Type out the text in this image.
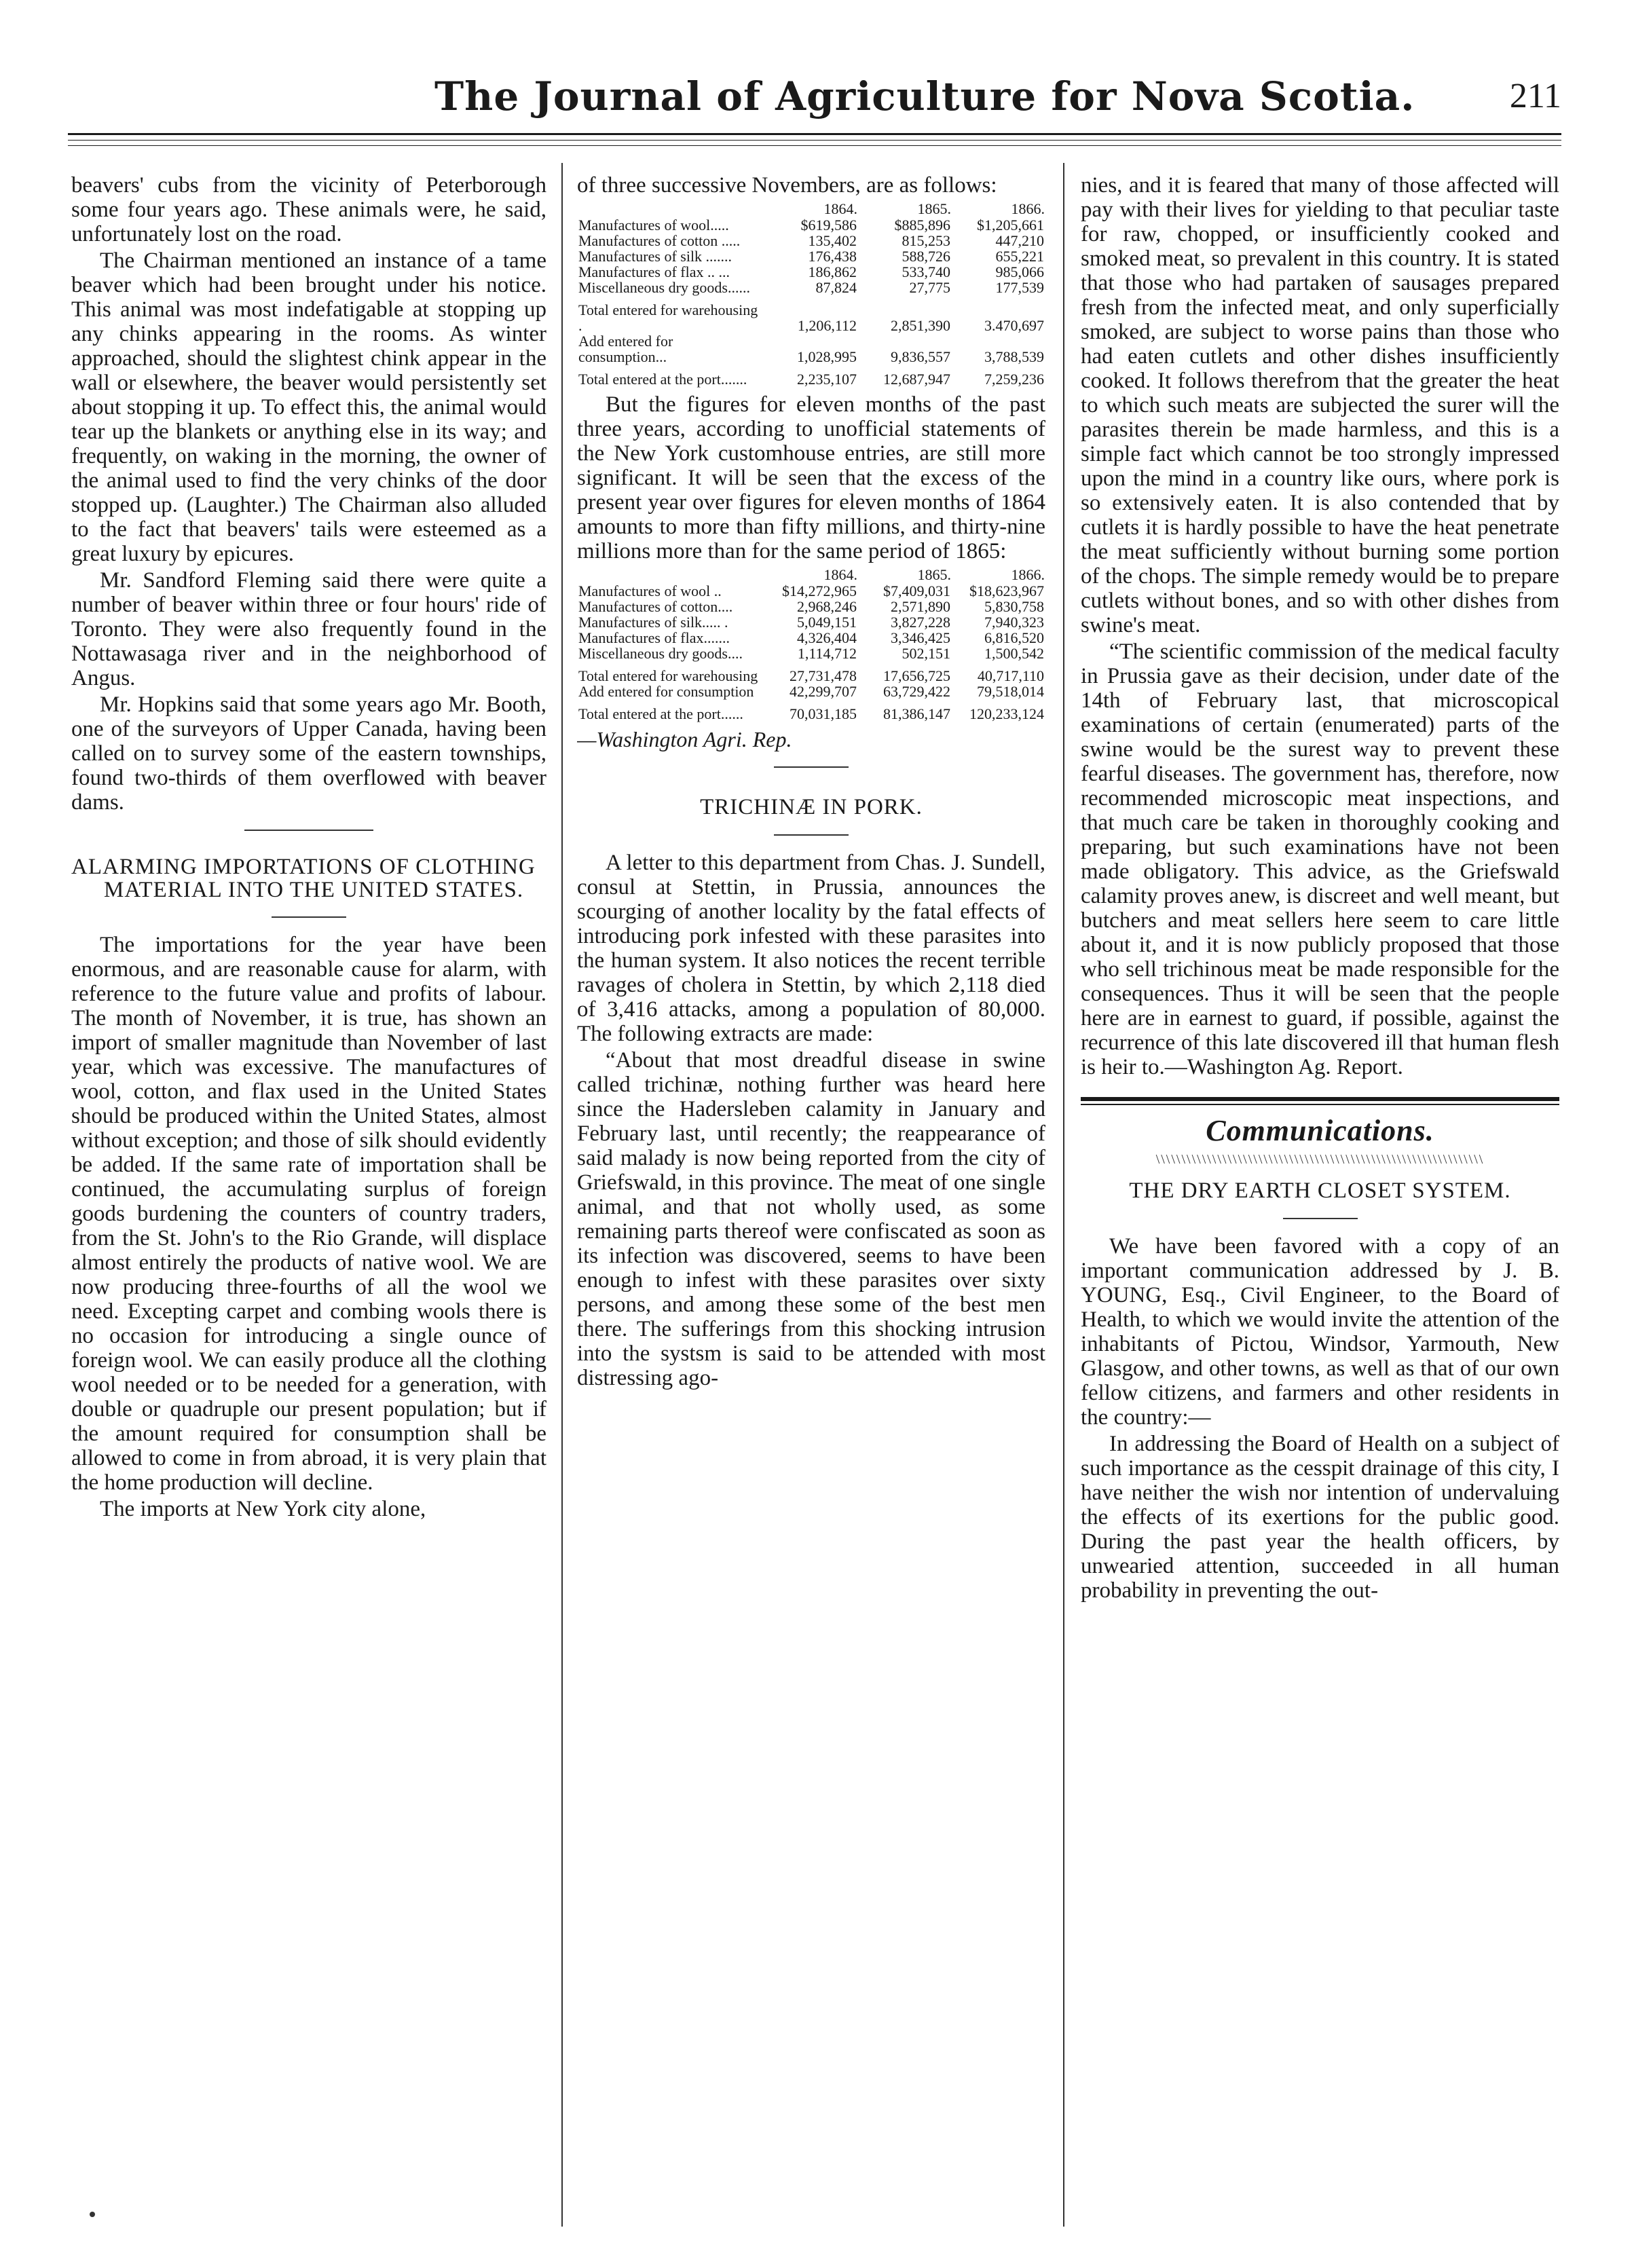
The Journal of Agriculture for Nova Scotia.	211

beavers' cubs from the vicinity of Peterborough some four years ago. These animals were, he said, unfortunately lost on the road.

The Chairman mentioned an instance of a tame beaver which had been brought under his notice. This animal was most indefatigable at stopping up any chinks appearing in the rooms. As winter approached, should the slightest chink appear in the wall or elsewhere, the beaver would persistently set about stopping it up. To effect this, the animal would tear up the blankets or anything else in its way; and frequently, on waking in the morning, the owner of the animal used to find the very chinks of the door stopped up. (Laughter.) The Chairman also alluded to the fact that beavers' tails were esteemed as a great luxury by epicures.

Mr. Sandford Fleming said there were quite a number of beaver within three or four hours' ride of Toronto. They were also frequently found in the Nottawasaga river and in the neighborhood of Angus.

Mr. Hopkins said that some years ago Mr. Booth, one of the surveyors of Upper Canada, having been called on to survey some of the eastern townships, found two-thirds of them overflowed with beaver dams.

ALARMING IMPORTATIONS OF CLOTHING MATERIAL INTO THE UNITED STATES.

The importations for the year have been enormous, and are reasonable cause for alarm, with reference to the future value and profits of labour. The month of November, it is true, has shown an import of smaller magnitude than November of last year, which was excessive. The manufactures of wool, cotton, and flax used in the United States should be produced within the United States, almost without exception; and those of silk should evidently be added. If the same rate of importation shall be continued, the accumulating surplus of foreign goods burdening the counters of country traders, from the St. John's to the Rio Grande, will displace almost entirely the products of native wool. We are now producing three-fourths of all the wool we need. Excepting carpet and combing wools there is no occasion for introducing a single ounce of foreign wool. We can easily produce all the clothing wool needed or to be needed for a generation, with double or quadruple our present population; but if the amount required for consumption shall be allowed to come in from abroad, it is very plain that the home production will decline.

The imports at New York city alone,

of three successive Novembers, are as follows:

	1864.	1865.	1866.
Manufactures of wool.....	$619,586	$885,896	$1,205,661
Manufactures of cotton .....	135,402	815,253	447,210
Manufactures of silk .......	176,438	588,726	655,221
Manufactures of flax .. ...	186,862	533,740	985,066
Miscellaneous dry goods......	87,824	27,775	177,539
Total entered for warehousing .	1,206,112	2,851,390	3.470,697
Add entered for consumption...	1,028,995	9,836,557	3,788,539
Total entered at the port.......	2,235,107	12,687,947	7,259,236

But the figures for eleven months of the past three years, according to unofficial statements of the New York customhouse entries, are still more significant. It will be seen that the excess of the present year over figures for eleven months of 1864 amounts to more than fifty millions, and thirty-nine millions more than for the same period of 1865:

	1864.	1865.	1866.
Manufactures of wool ..	$14,272,965	$7,409,031	$18,623,967
Manufactures of cotton....	2,968,246	2,571,890	5,830,758
Manufactures of silk..... .	5,049,151	3,827,228	7,940,323
Manufactures of flax.......	4,326,404	3,346,425	6,816,520
Miscellaneous dry goods....	1,114,712	502,151	1,500,542
Total entered for warehousing	27,731,478	17,656,725	40,717,110
Add entered for consumption	42,299,707	63,729,422	79,518,014
Total entered at the port......	70,031,185	81,386,147	120,233,124
—Washington Agri. Rep.
TRICHINÆ IN PORK.

A letter to this department from Chas. J. Sundell, consul at Stettin, in Prussia, announces the scourging of another locality by the fatal effects of introducing pork infested with these parasites into the human system. It also notices the recent terrible ravages of cholera in Stettin, by which 2,118 died of 3,416 attacks, among a population of 80,000. The following extracts are made:

“About that most dreadful disease in swine called trichinæ, nothing further was heard here since the Hadersleben calamity in January and February last, until recently; the reappearance of said malady is now being reported from the city of Griefswald, in this province. The meat of one single animal, and that not wholly used, as some remaining parts thereof were confiscated as soon as its infection was discovered, seems to have been enough to infest with these parasites over sixty persons, and among these some of the best men there. The sufferings from this shocking intrusion into the systsm is said to be attended with most distressing ago-

nies, and it is feared that many of those affected will pay with their lives for yielding to that peculiar taste for raw, chopped, or insufficiently cooked and smoked meat, so prevalent in this country. It is stated that those who had partaken of sausages prepared fresh from the infected meat, and only superficially smoked, are subject to worse pains than those who had eaten cutlets and other dishes insufficiently cooked. It follows therefrom that the greater the heat to which such meats are subjected the surer will the parasites therein be made harmless, and this is a simple fact which cannot be too strongly impressed upon the mind in a country like ours, where pork is so extensively eaten. It is also contended that by cutlets it is hardly possible to have the heat penetrate the meat sufficiently without burning some portion of the chops. The simple remedy would be to prepare cutlets without bones, and so with other dishes from swine's meat.

“The scientific commission of the medical faculty in Prussia gave as their decision, under date of the 14th of February last, that microscopical examinations of certain (enumerated) parts of the swine would be the surest way to prevent these fearful diseases. The government has, therefore, now recommended microscopic meat inspections, and that much care be taken in thoroughly cooking and preparing, but such examinations have not been made obligatory. This advice, as the Griefswald calamity proves anew, is discreet and well meant, but butchers and meat sellers here seem to care little about it, and it is now publicly proposed that those who sell trichinous meat be made responsible for the consequences. Thus it will be seen that the people here are in earnest to guard, if possible, against the recurrence of this late discovered ill that human flesh is heir to.—Washington Ag. Report.

Communications.
\\\\\\\\\\\\\\\\\\\\\\\\\\\\\\\\\\\\\\\\\\\\\\\\\\\\\\\\\\\\\\\\
THE DRY EARTH CLOSET SYSTEM.

We have been favored with a copy of an important communication addressed by J. B. YOUNG, Esq., Civil Engineer, to the Board of Health, to which we would invite the attention of the inhabitants of Pictou, Windsor, Yarmouth, New Glasgow, and other towns, as well as that of our own fellow citizens, and farmers and other residents in the country:—

In addressing the Board of Health on a subject of such importance as the cesspit drainage of this city, I have neither the wish nor intention of undervaluing the effects of its exertions for the public good. During the past year the health officers, by unwearied attention, succeeded in all human probability in preventing the out-
